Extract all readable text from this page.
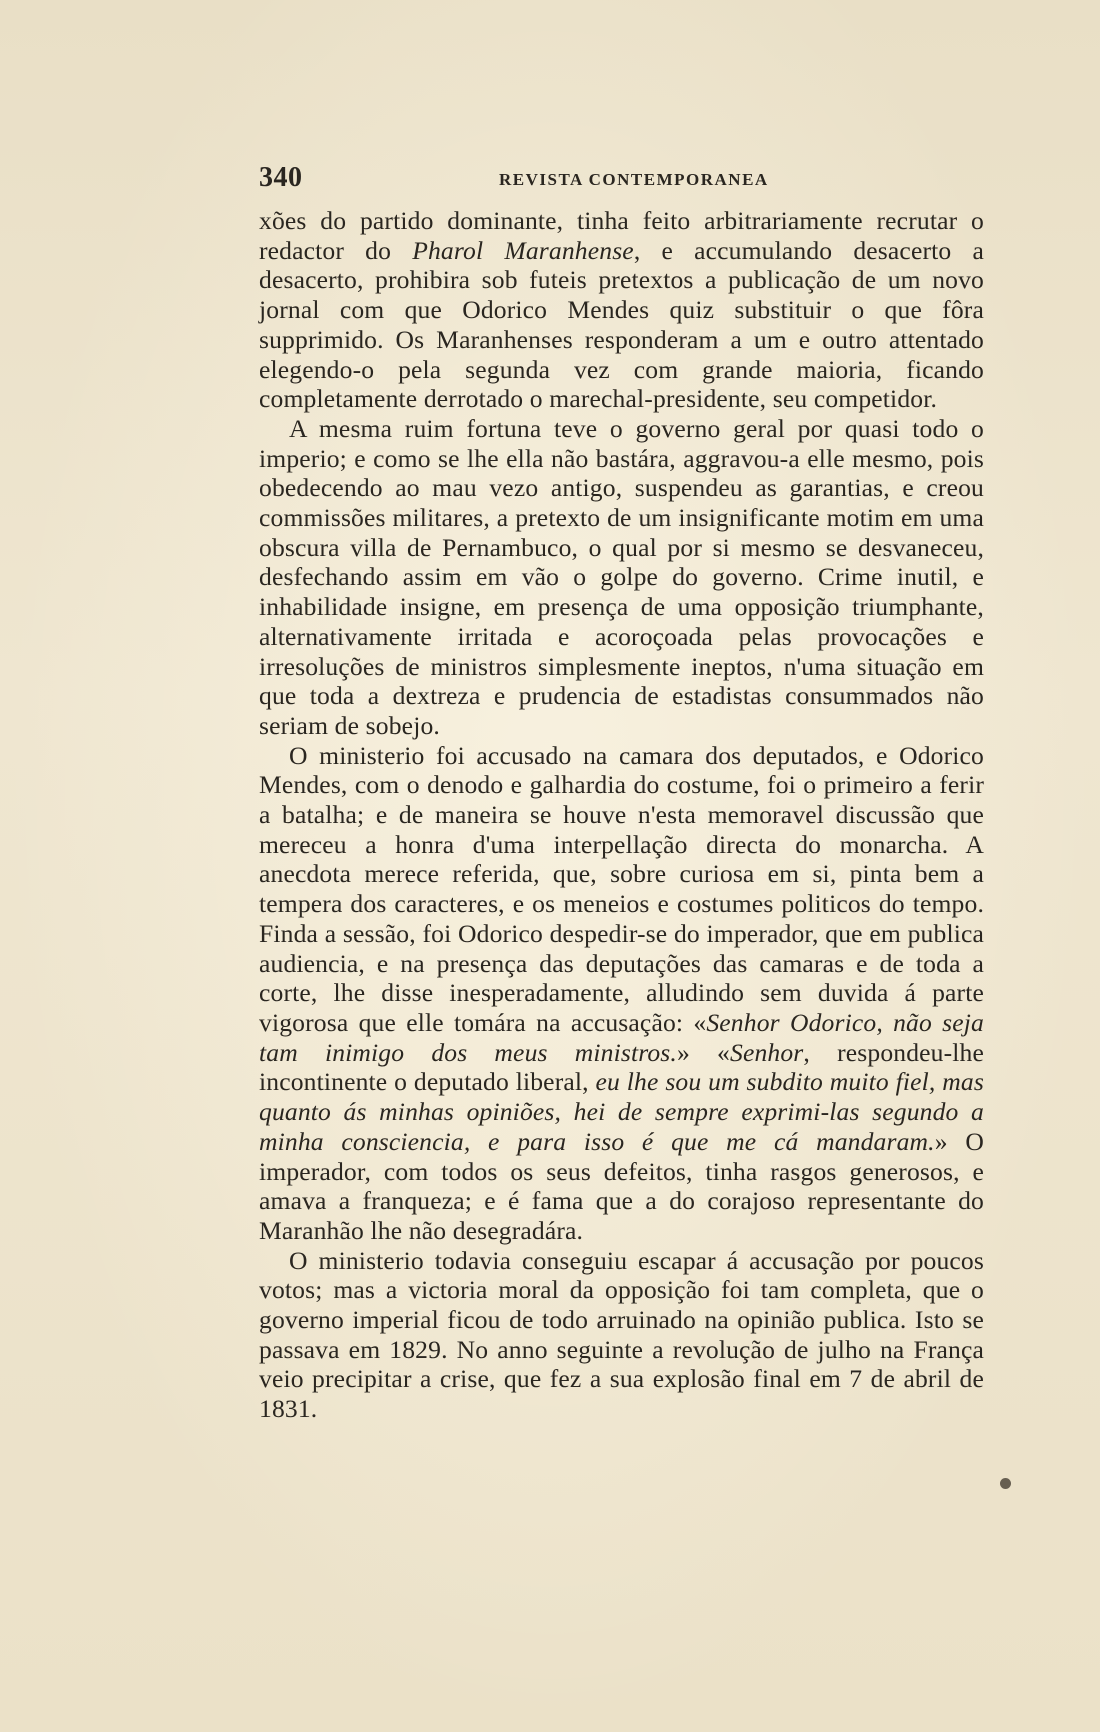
340	REVISTA CONTEMPORANEA

xões do partido dominante, tinha feito arbitrariamente recrutar o redactor do Pharol Maranhense, e accumulando desacerto a desacerto, prohibira sob futeis pretextos a publicação de um novo jornal com que Odorico Mendes quiz substituir o que fôra supprimido. Os Maranhenses responderam a um e outro attentado elegendo-o pela segunda vez com grande maioria, ficando completamente derrotado o marechal-presidente, seu competidor.

A mesma ruim fortuna teve o governo geral por quasi todo o imperio; e como se lhe ella não bastára, aggravou-a elle mesmo, pois obedecendo ao mau vezo antigo, suspendeu as garantias, e creou commissões militares, a pretexto de um insignificante motim em uma obscura villa de Pernambuco, o qual por si mesmo se desvaneceu, desfechando assim em vão o golpe do governo. Crime inutil, e inhabilidade insigne, em presença de uma opposição triumphante, alternativamente irritada e acoroçoada pelas provocações e irresoluções de ministros simplesmente ineptos, n'uma situação em que toda a dextreza e prudencia de estadistas consummados não seriam de sobejo.

O ministerio foi accusado na camara dos deputados, e Odorico Mendes, com o denodo e galhardia do costume, foi o primeiro a ferir a batalha; e de maneira se houve n'esta memoravel discussão que mereceu a honra d'uma interpellação directa do monarcha. A anecdota merece referida, que, sobre curiosa em si, pinta bem a tempera dos caracteres, e os meneios e costumes politicos do tempo. Finda a sessão, foi Odorico despedir-se do imperador, que em publica audiencia, e na presença das deputações das camaras e de toda a corte, lhe disse inesperadamente, alludindo sem duvida á parte vigorosa que elle tomára na accusação: «Senhor Odorico, não seja tam inimigo dos meus ministros.» «Senhor, respondeu-lhe incontinente o deputado liberal, eu lhe sou um subdito muito fiel, mas quanto ás minhas opiniões, hei de sempre exprimi-las segundo a minha consciencia, e para isso é que me cá mandaram.» O imperador, com todos os seus defeitos, tinha rasgos generosos, e amava a franqueza; e é fama que a do corajoso representante do Maranhão lhe não desegradára.

O ministerio todavia conseguiu escapar á accusação por poucos votos; mas a victoria moral da opposição foi tam completa, que o governo imperial ficou de todo arruinado na opinião publica. Isto se passava em 1829. No anno seguinte a revolução de julho na França veio precipitar a crise, que fez a sua explosão final em 7 de abril de 1831.
